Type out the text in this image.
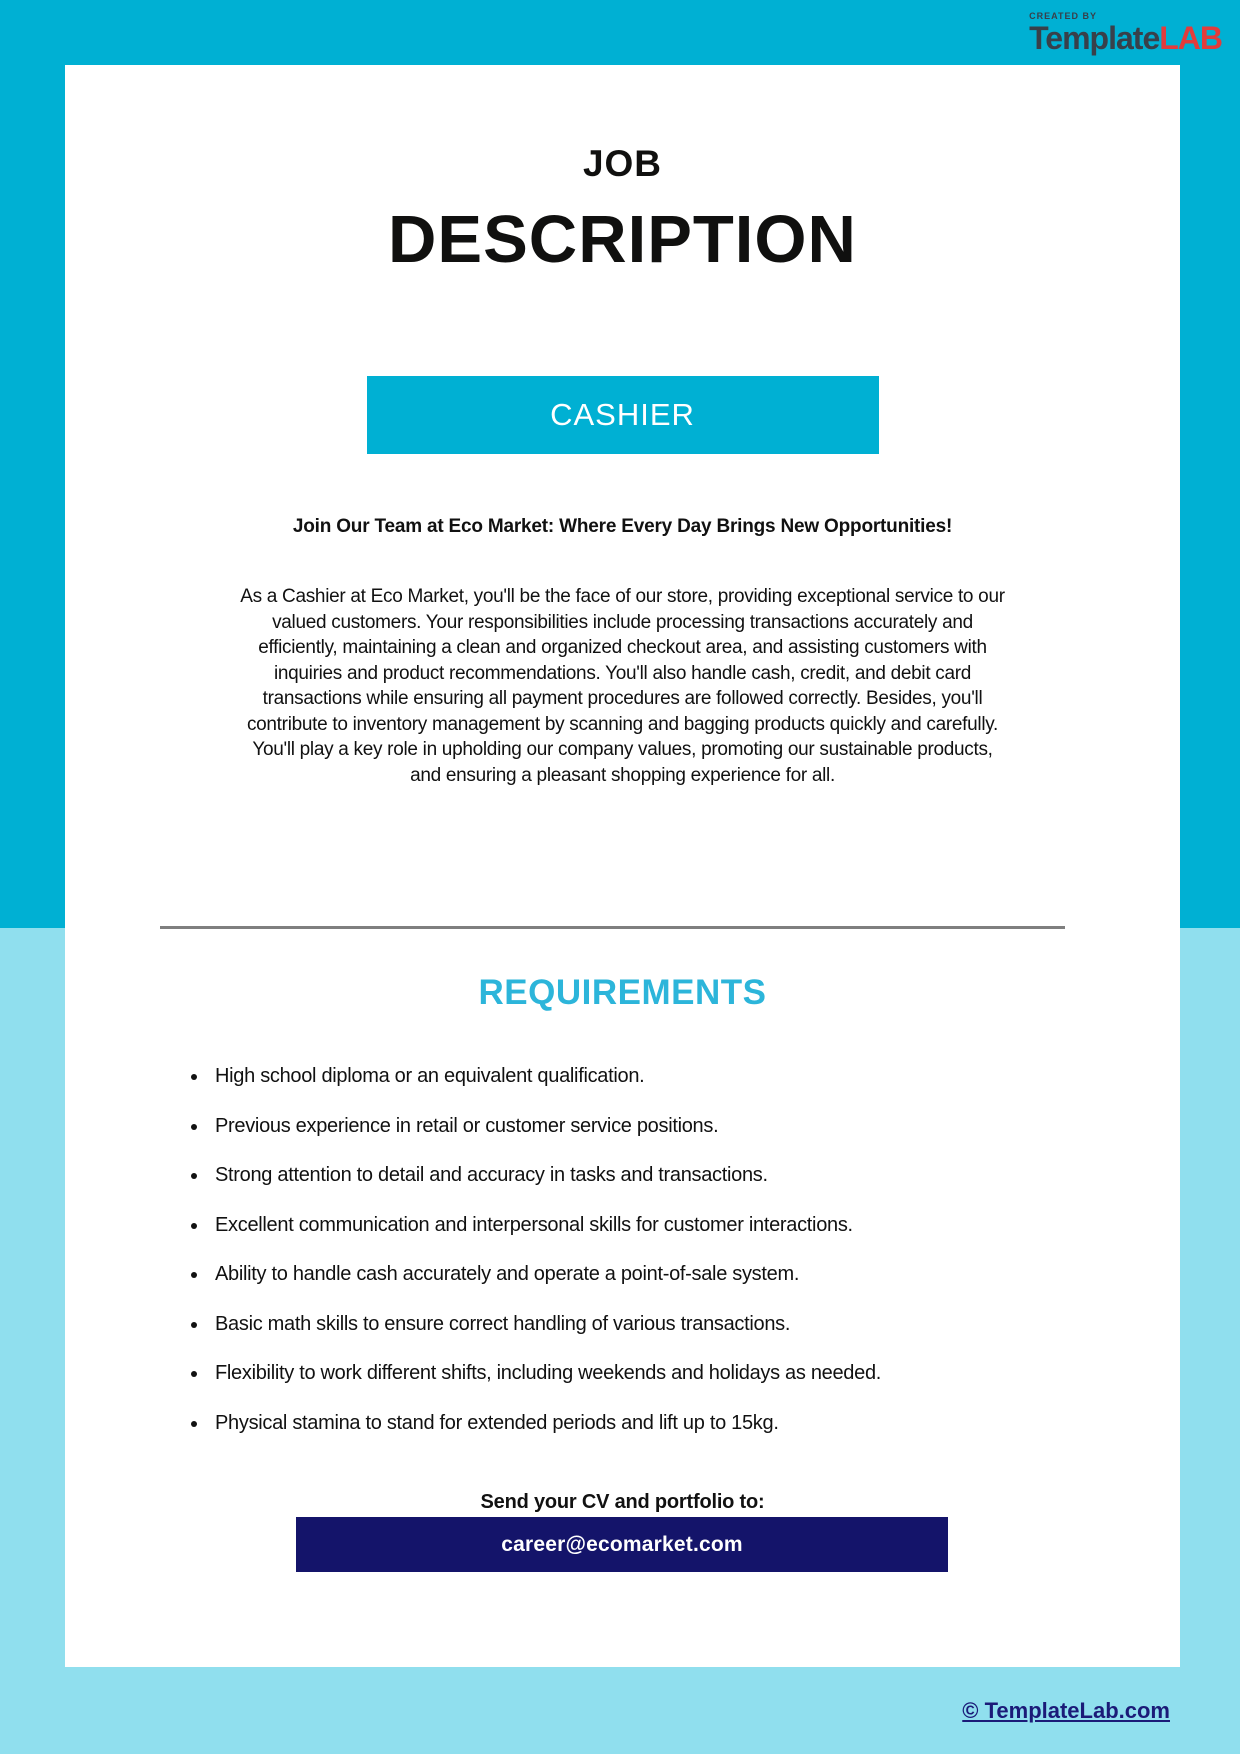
CREATED BY
TemplateLAB
JOB
DESCRIPTION
CASHIER

Join Our Team at Eco Market: Where Every Day Brings New Opportunities!

As a Cashier at Eco Market, you'll be the face of our store, providing exceptional service to our valued customers. Your responsibilities include processing transactions accurately and efficiently, maintaining a clean and organized checkout area, and assisting customers with inquiries and product recommendations. You'll also handle cash, credit, and debit card transactions while ensuring all payment procedures are followed correctly. Besides, you'll contribute to inventory management by scanning and bagging products quickly and carefully. You'll play a key role in upholding our company values, promoting our sustainable products, and ensuring a pleasant shopping experience for all.

REQUIREMENTS
• High school diploma or an equivalent qualification.
• Previous experience in retail or customer service positions.
• Strong attention to detail and accuracy in tasks and transactions.
• Excellent communication and interpersonal skills for customer interactions.
• Ability to handle cash accurately and operate a point-of-sale system.
• Basic math skills to ensure correct handling of various transactions.
• Flexibility to work different shifts, including weekends and holidays as needed.
• Physical stamina to stand for extended periods and lift up to 15kg.
Send your CV and portfolio to:
career@ecomarket.com
© TemplateLab.com
